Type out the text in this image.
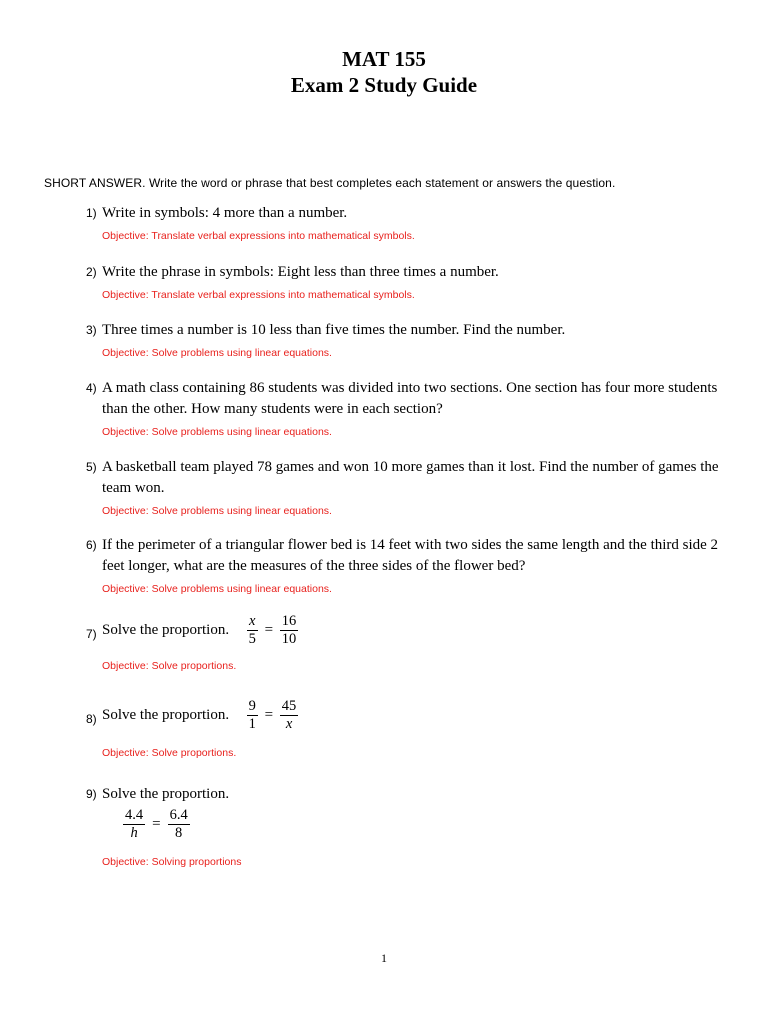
MAT 155
Exam 2 Study Guide
SHORT ANSWER. Write the word or phrase that best completes each statement or answers the question.
1) Write in symbols: 4 more than a number.
Objective: Translate verbal expressions into mathematical symbols.
2) Write the phrase in symbols: Eight less than three times a number.
Objective: Translate verbal expressions into mathematical symbols.
3) Three times a number is 10 less than five times the number. Find the number.
Objective: Solve problems using linear equations.
4) A math class containing 86 students was divided into two sections. One section has four more students than the other. How many students were in each section?
Objective: Solve problems using linear equations.
5) A basketball team played 78 games and won 10 more games than it lost. Find the number of games the team won.
Objective: Solve problems using linear equations.
6) If the perimeter of a triangular flower bed is 14 feet with two sides the same length and the third side 2 feet longer, what are the measures of the three sides of the flower bed?
Objective: Solve problems using linear equations.
7) Solve the proportion. $\frac{x}{5} = \frac{16}{10}$
Objective: Solve proportions.
8) Solve the proportion. $\frac{9}{1} = \frac{45}{x}$
Objective: Solve proportions.
9) Solve the proportion.
$\frac{4.4}{h} = \frac{6.4}{8}$
Objective: Solving proportions
1
